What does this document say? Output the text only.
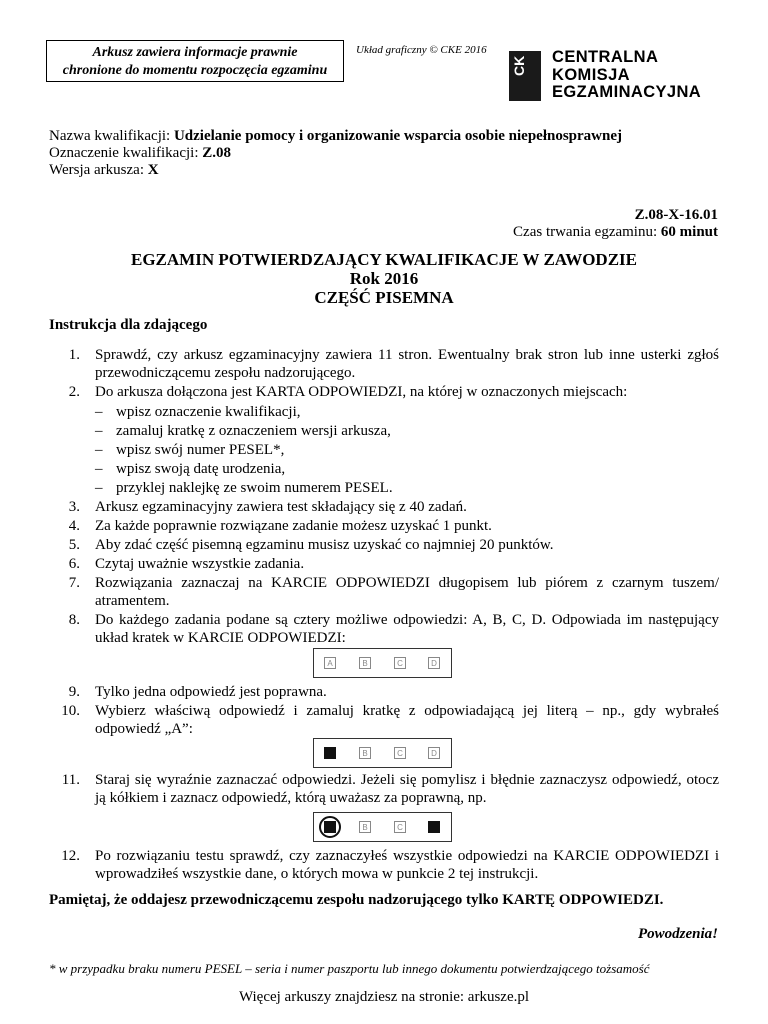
Arkusz zawiera informacje prawnie
chronione do momentu rozpoczęcia egzaminu
Układ graficzny © CKE 2016
CK CENTRALNA
KOMISJA
EGZAMINACYJNA
Nazwa kwalifikacji: Udzielanie pomocy i organizowanie wsparcia osobie niepełnosprawnej
Oznaczenie kwalifikacji: Z.08
Wersja arkusza: X
Z.08-X-16.01
Czas trwania egzaminu: 60 minut
EGZAMIN POTWIERDZAJĄCY KWALIFIKACJE W ZAWODZIE
Rok 2016
CZĘŚĆ PISEMNA
Instrukcja dla zdającego
1. Sprawdź, czy arkusz egzaminacyjny zawiera 11 stron. Ewentualny brak stron lub inne usterki zgłoś przewodniczącemu zespołu nadzorującego.
2. Do arkusza dołączona jest KARTA ODPOWIEDZI, na której w oznaczonych miejscach:
– wpisz oznaczenie kwalifikacji,
– zamaluj kratkę z oznaczeniem wersji arkusza,
– wpisz swój numer PESEL*,
– wpisz swoją datę urodzenia,
– przyklej naklejkę ze swoim numerem PESEL.
3. Arkusz egzaminacyjny zawiera test składający się z 40 zadań.
4. Za każde poprawnie rozwiązane zadanie możesz uzyskać 1 punkt.
5. Aby zdać część pisemną egzaminu musisz uzyskać co najmniej 20 punktów.
6. Czytaj uważnie wszystkie zadania.
7. Rozwiązania zaznaczaj na KARCIE ODPOWIEDZI długopisem lub piórem z czarnym tuszem/ atramentem.
8. Do każdego zadania podane są cztery możliwe odpowiedzi: A, B, C, D. Odpowiada im następujący układ kratek w KARCIE ODPOWIEDZI:
A	B	C	D
9. Tylko jedna odpowiedź jest poprawna.
10. Wybierz właściwą odpowiedź i zamaluj kratkę z odpowiadającą jej literą – np., gdy wybrałeś odpowiedź „A”:
B	C	D
11. Staraj się wyraźnie zaznaczać odpowiedzi. Jeżeli się pomylisz i błędnie zaznaczysz odpowiedź, otocz ją kółkiem i zaznacz odpowiedź, którą uważasz za poprawną, np.
B	C
12. Po rozwiązaniu testu sprawdź, czy zaznaczyłeś wszystkie odpowiedzi na KARCIE ODPOWIEDZI i wprowadziłeś wszystkie dane, o których mowa w punkcie 2 tej instrukcji.
Pamiętaj, że oddajesz przewodniczącemu zespołu nadzorującego tylko KARTĘ ODPOWIEDZI.
Powodzenia!
* w przypadku braku numeru PESEL – seria i numer paszportu lub innego dokumentu potwierdzającego tożsamość
Więcej arkuszy znajdziesz na stronie: arkusze.pl
